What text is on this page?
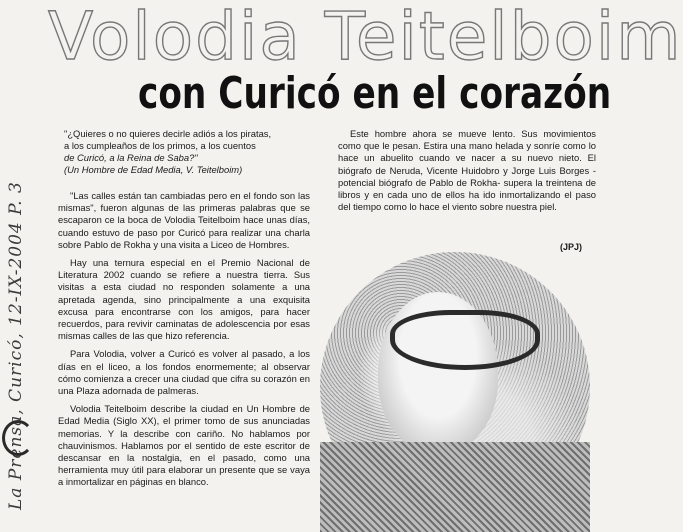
La Prensa, Curicó, 12-IX-2004 P. 3
Volodia Teitelboim
con Curicó en el corazón
"¿Quieres o no quieres decirle adiós a los piratas,
a los cumpleaños de los primos, a los cuentos
de Curicó, a la Reina de Saba?"
(Un Hombre de Edad Media, V. Teitelboim)

"Las calles están tan cambiadas pero en el fondo son las mismas", fueron algunas de las primeras palabras que se escaparon ce la boca de Volodia Teitelboim hace unas días, cuando estuvo de paso por Curicó para realizar una charla sobre Pablo de Rokha y una visita a Liceo de Hombres.

Hay una ternura especial en el Premio Nacional de Literatura 2002 cuando se refiere a nuestra tierra. Sus visitas a esta ciudad no responden solamente a una apretada agenda, sino principalmente a una exquisita excusa para encontrarse con los amigos, para hacer recuerdos, para revivir caminatas de adolescencia por esas mismas calles de las que hizo referencia.

Para Volodia, volver a Curicó es volver al pasado, a los días en el liceo, a los fondos enormemente; al observar cómo comienza a crecer una ciudad que cifra su corazón en una Plaza adornada de palmeras.

Volodia Teitelboim describe la ciudad en Un Hombre de Edad Media (Siglo XX), el primer tomo de sus anunciadas memorias. Y la describe con cariño. No hablamos por chauvinismos. Hablamos por el sentido de este escritor de descansar en la nostalgia, en el pasado, como una herramienta muy útil para elaborar un presente que se vaya a inmortalizar en páginas en blanco.

Este hombre ahora se mueve lento. Sus movimientos como que le pesan. Estira una mano helada y sonríe como lo hace un abuelito cuando ve nacer a su nuevo nieto. El biógrafo de Neruda, Vicente Huidobro y Jorge Luis Borges -potencial biógrafo de Pablo de Rokha- supera la treintena de libros y en cada uno de ellos ha ido inmortalizando el paso del tiempo como lo hace el viento sobre nuestra piel.

(JPJ)
